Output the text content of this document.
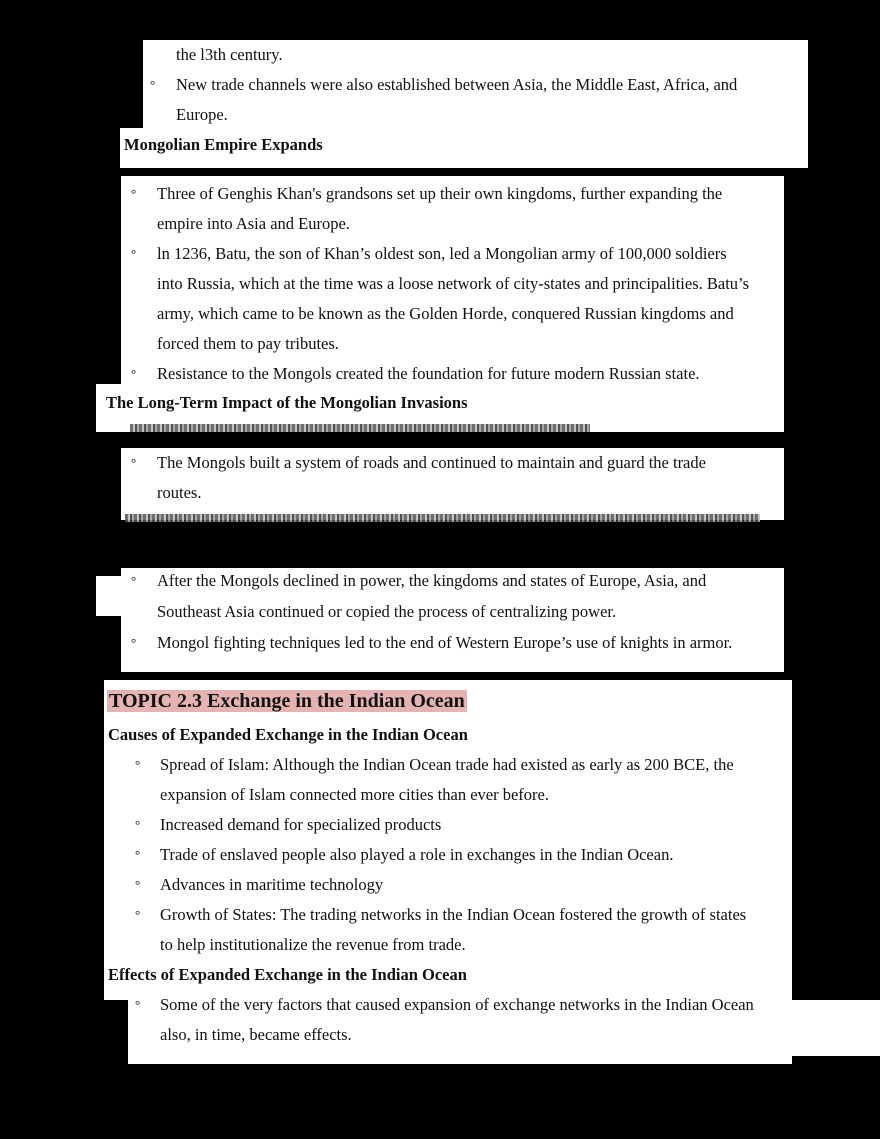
the l3th century.
° New trade channels were also established between Asia, the Middle East, Africa, and
Europe.
Mongolian Empire Expands
° Three of Genghis Khan's grandsons set up their own kingdoms, further expanding the
empire into Asia and Europe.
° ln 1236, Batu, the son of Khan’s oldest son, led a Mongolian army of 100,000 soldiers
into Russia, which at the time was a loose network of city-states and principalities. Batu’s
army, which came to be known as the Golden Horde, conquered Russian kingdoms and
forced them to pay tributes.
° Resistance to the Mongols created the foundation for future modern Russian state.
The Long-Term Impact of the Mongolian Invasions
° The Mongols built a system of roads and continued to maintain and guard the trade
routes.
° After the Mongols declined in power, the kingdoms and states of Europe, Asia, and
Southeast Asia continued or copied the process of centralizing power.
° Mongol fighting techniques led to the end of Western Europe’s use of knights in armor.
TOPIC 2.3 Exchange in the Indian Ocean
Causes of Expanded Exchange in the Indian Ocean
° Spread of Islam: Although the Indian Ocean trade had existed as early as 200 BCE, the
expansion of Islam connected more cities than ever before.
° Increased demand for specialized products
° Trade of enslaved people also played a role in exchanges in the Indian Ocean.
° Advances in maritime technology
° Growth of States: The trading networks in the Indian Ocean fostered the growth of states
to help institutionalize the revenue from trade.
Effects of Expanded Exchange in the Indian Ocean
° Some of the very factors that caused expansion of exchange networks in the Indian Ocean
also, in time, became effects.
